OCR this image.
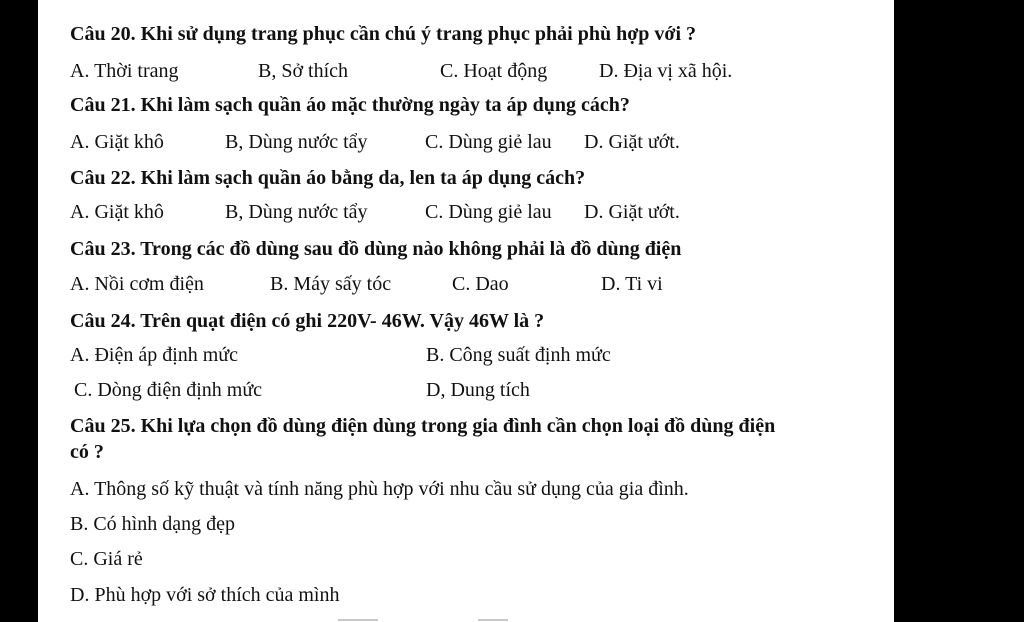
Câu 20. Khi sử dụng trang phục cần chú ý trang phục phải phù hợp với ?
A. Thời trang	B, Sở thích	C. Hoạt động	D. Địa vị xã hội.
Câu 21. Khi làm sạch quần áo mặc thường ngày ta áp dụng cách?
A. Giặt khô	B, Dùng nước tẩy	C. Dùng giẻ lau D. Giặt ướt.
Câu 22. Khi làm sạch quần áo bằng da, len ta áp dụng cách?
A. Giặt khô	B, Dùng nước tẩy	C. Dùng giẻ lau D. Giặt ướt.
Câu 23. Trong các đồ dùng sau đồ dùng nào không phải là đồ dùng điện
A. Nồi cơm điện	B. Máy sấy tóc	C. Dao	D. Ti vi
Câu 24. Trên quạt điện có ghi 220V- 46W. Vậy 46W là ?
A. Điện áp định mức	B. Công suất định mức
C. Dòng điện định mức	D, Dung tích
Câu 25. Khi lựa chọn đồ dùng điện dùng trong gia đình cần chọn loại đồ dùng điện
có ?
A. Thông số kỹ thuật và tính năng phù hợp với nhu cầu sử dụng của gia đình.
B. Có hình dạng đẹp
C. Giá rẻ
D. Phù hợp với sở thích của mình
